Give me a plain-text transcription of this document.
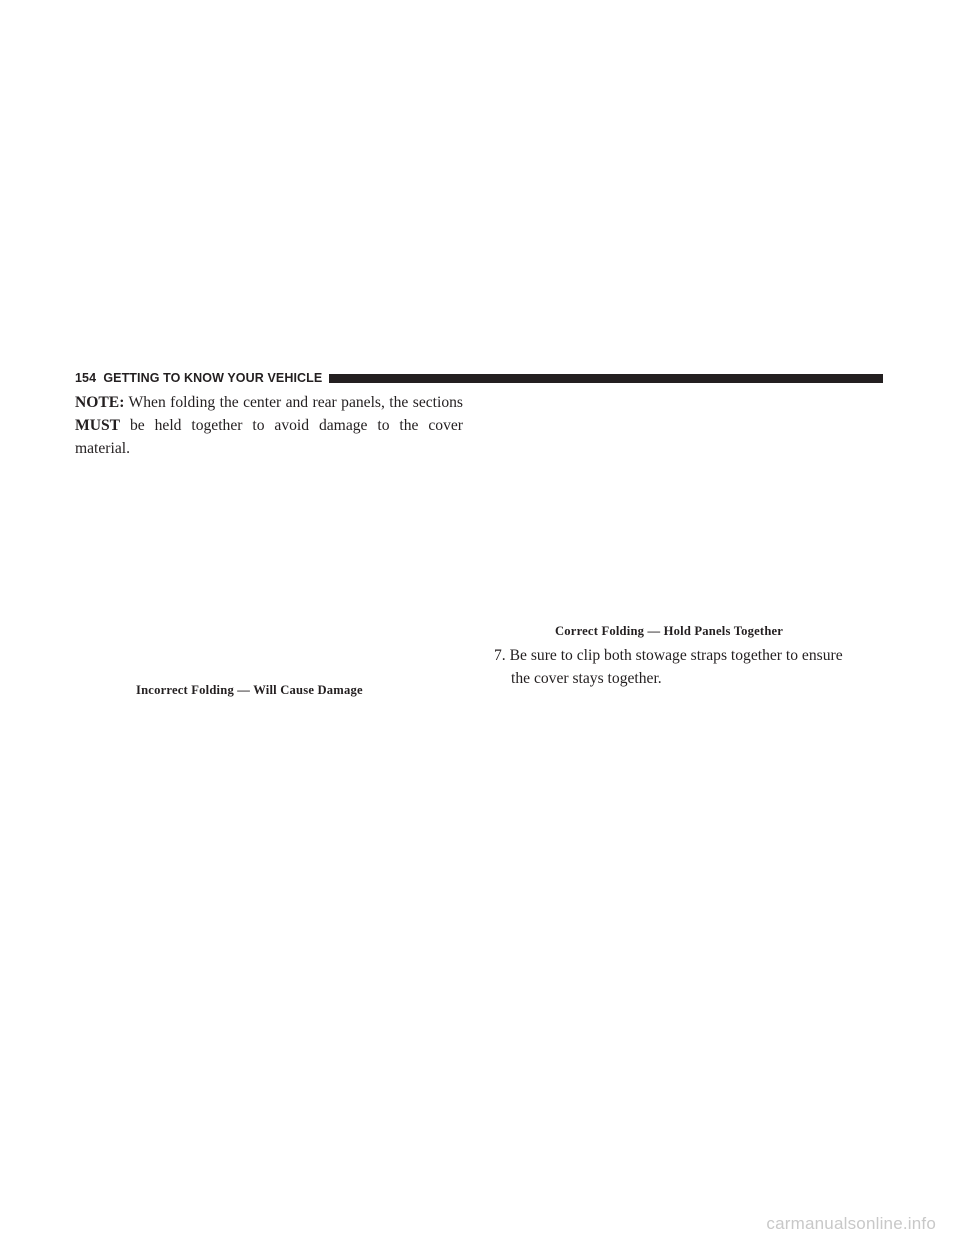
154 GETTING TO KNOW YOUR VEHICLE

NOTE: When folding the center and rear panels, the sections MUST be held together to avoid damage to the cover material.

Incorrect Folding — Will Cause Damage
Correct Folding — Hold Panels Together

7. Be sure to clip both stowage straps together to ensure
the cover stays together.

carmanualsonline.info
